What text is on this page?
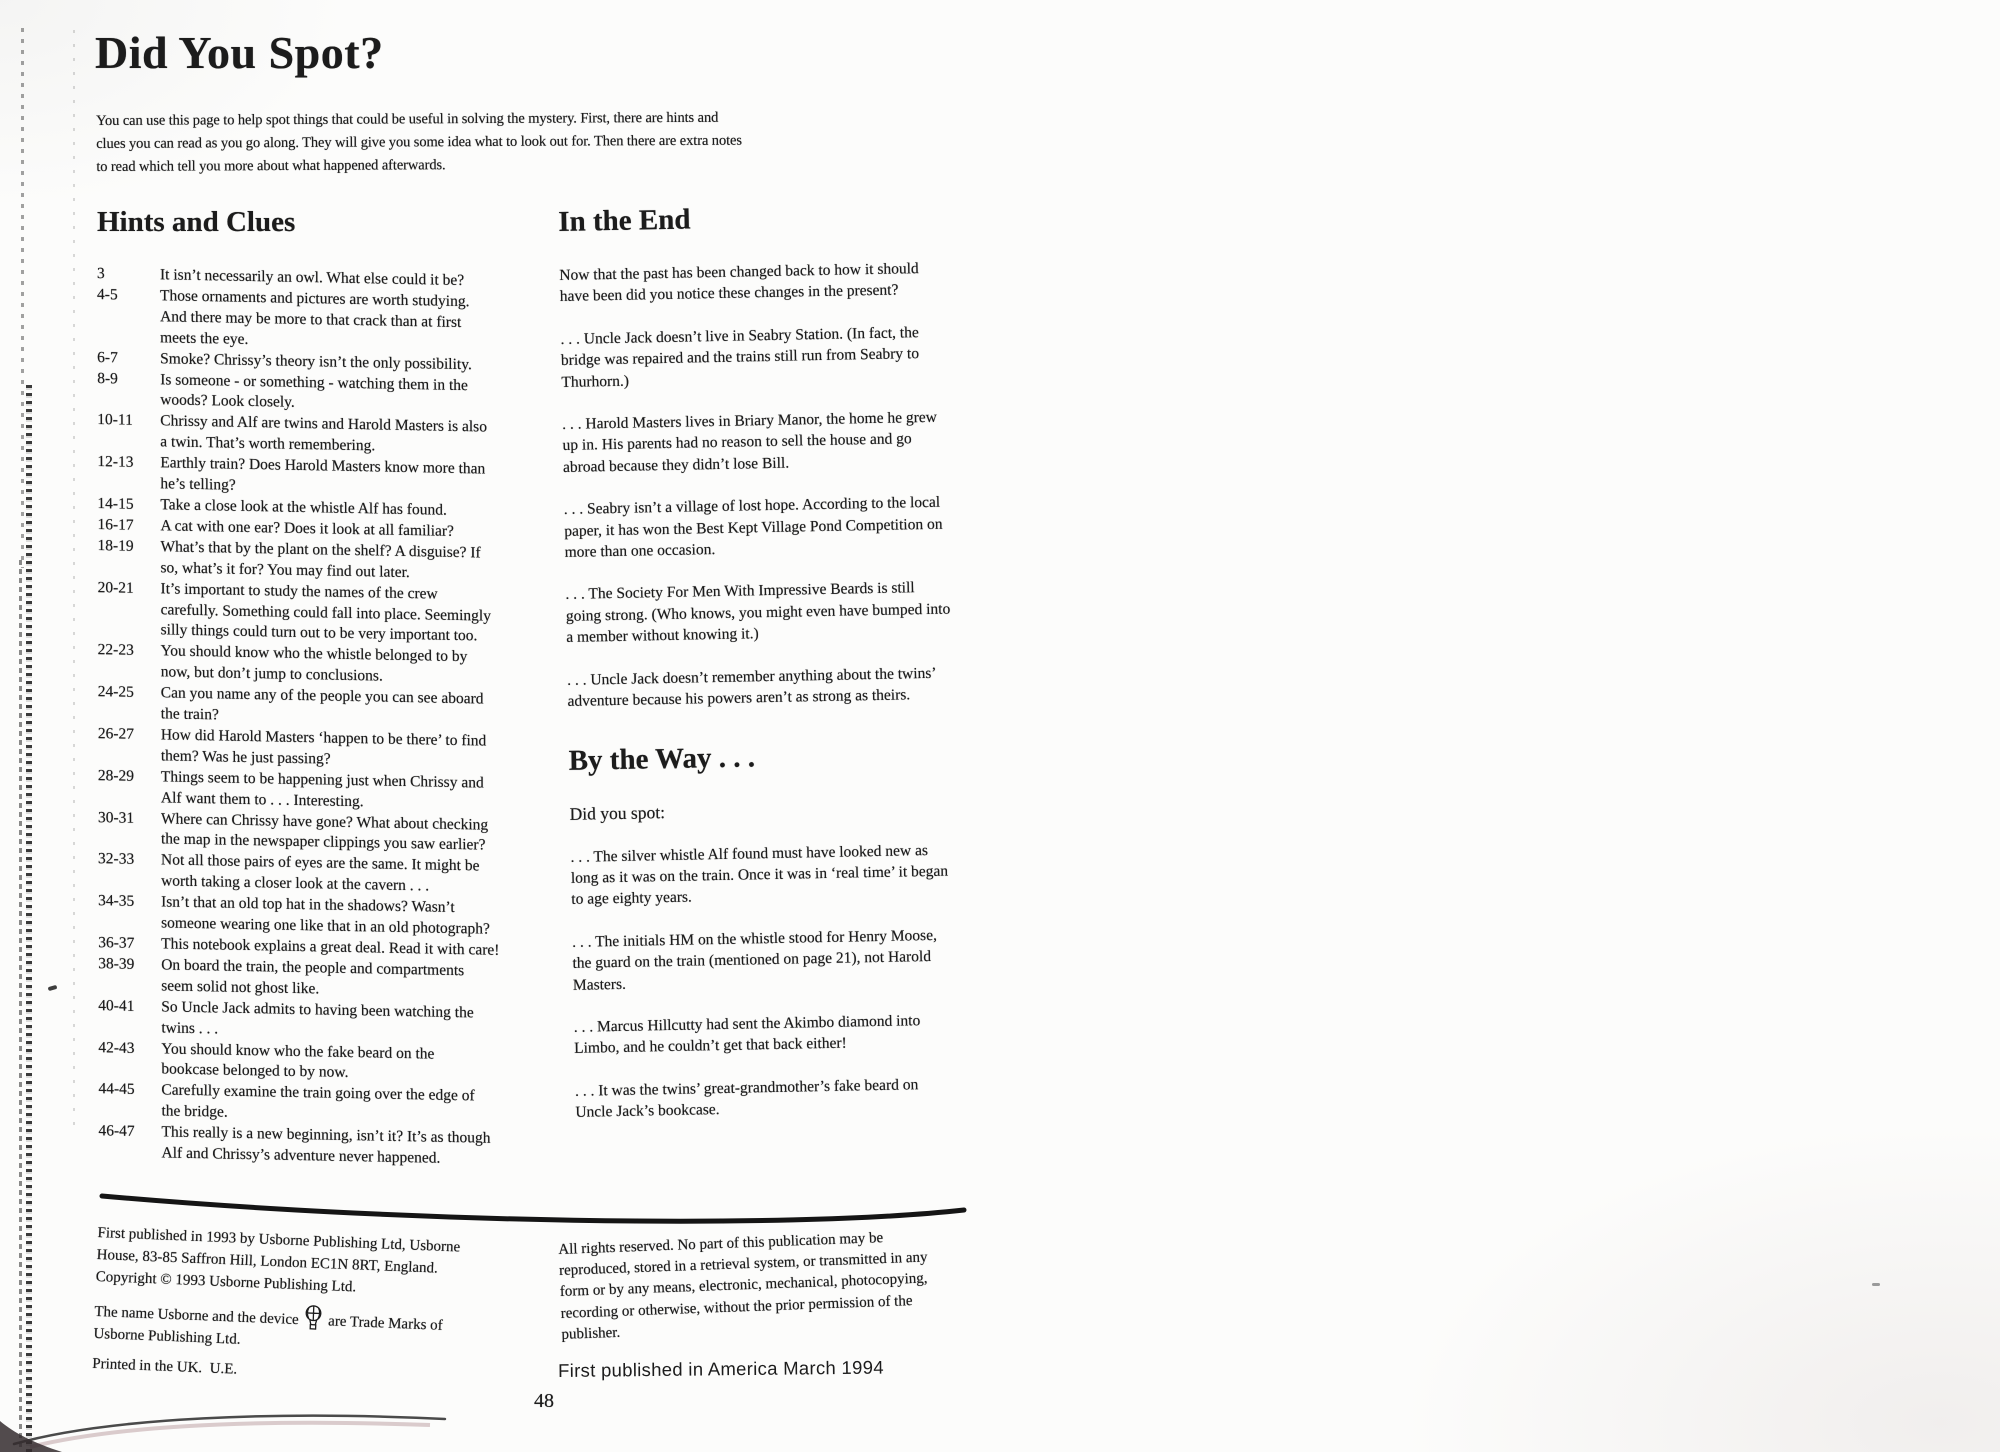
Did You Spot?
You can use this page to help spot things that could be useful in solving the mystery. First, there are hints and
clues you can read as you go along. They will give you some idea what to look out for. Then there are extra notes
to read which tell you more about what happened afterwards.
Hints and Clues
3	It isn’t necessarily an owl. What else could it be?
4-5	Those ornaments and pictures are worth studying.
And there may be more to that crack than at first
meets the eye.
6-7	Smoke? Chrissy’s theory isn’t the only possibility.
8-9	Is someone - or something - watching them in the
woods? Look closely.
10-11	Chrissy and Alf are twins and Harold Masters is also
a twin. That’s worth remembering.
12-13	Earthly train? Does Harold Masters know more than
he’s telling?
14-15	Take a close look at the whistle Alf has found.
16-17	A cat with one ear? Does it look at all familiar?
18-19	What’s that by the plant on the shelf? A disguise? If
so, what’s it for? You may find out later.
20-21	It’s important to study the names of the crew
carefully. Something could fall into place. Seemingly
silly things could turn out to be very important too.
22-23	You should know who the whistle belonged to by
now, but don’t jump to conclusions.
24-25	Can you name any of the people you can see aboard
the train?
26-27	How did Harold Masters ‘happen to be there’ to find
them? Was he just passing?
28-29	Things seem to be happening just when Chrissy and
Alf want them to . . . Interesting.
30-31	Where can Chrissy have gone? What about checking
the map in the newspaper clippings you saw earlier?
32-33	Not all those pairs of eyes are the same. It might be
worth taking a closer look at the cavern . . .
34-35	Isn’t that an old top hat in the shadows? Wasn’t
someone wearing one like that in an old photograph?
36-37	This notebook explains a great deal. Read it with care!
38-39	On board the train, the people and compartments
seem solid not ghost like.
40-41	So Uncle Jack admits to having been watching the
twins . . .
42-43	You should know who the fake beard on the
bookcase belonged to by now.
44-45	Carefully examine the train going over the edge of
the bridge.
46-47	This really is a new beginning, isn’t it? It’s as though
Alf and Chrissy’s adventure never happened.
In the End

Now that the past has been changed back to how it should
have been did you notice these changes in the present?

. . . Uncle Jack doesn’t live in Seabry Station. (In fact, the
bridge was repaired and the trains still run from Seabry to
Thurhorn.)

. . . Harold Masters lives in Briary Manor, the home he grew
up in. His parents had no reason to sell the house and go
abroad because they didn’t lose Bill.

. . . Seabry isn’t a village of lost hope. According to the local
paper, it has won the Best Kept Village Pond Competition on
more than one occasion.

. . . The Society For Men With Impressive Beards is still
going strong. (Who knows, you might even have bumped into
a member without knowing it.)

. . . Uncle Jack doesn’t remember anything about the twins’
adventure because his powers aren’t as strong as theirs.

By the Way . . .

Did you spot:

. . . The silver whistle Alf found must have looked new as
long as it was on the train. Once it was in ‘real time’ it began
to age eighty years.

. . . The initials HM on the whistle stood for Henry Moose,
the guard on the train (mentioned on page 21), not Harold
Masters.

. . . Marcus Hillcutty had sent the Akimbo diamond into
Limbo, and he couldn’t get that back either!

. . . It was the twins’ great-grandmother’s fake beard on
Uncle Jack’s bookcase.

First published in 1993 by Usborne Publishing Ltd, Usborne
House, 83-85 Saffron Hill, London EC1N 8RT, England.
Copyright © 1993 Usborne Publishing Ltd.

The name Usborne and the device are Trade Marks of
Usborne Publishing Ltd.

Printed in the UK.  U.E.

All rights reserved. No part of this publication may be
reproduced, stored in a retrieval system, or transmitted in any
form or by any means, electronic, mechanical, photocopying,
recording or otherwise, without the prior permission of the
publisher.
First published in America March 1994
48
